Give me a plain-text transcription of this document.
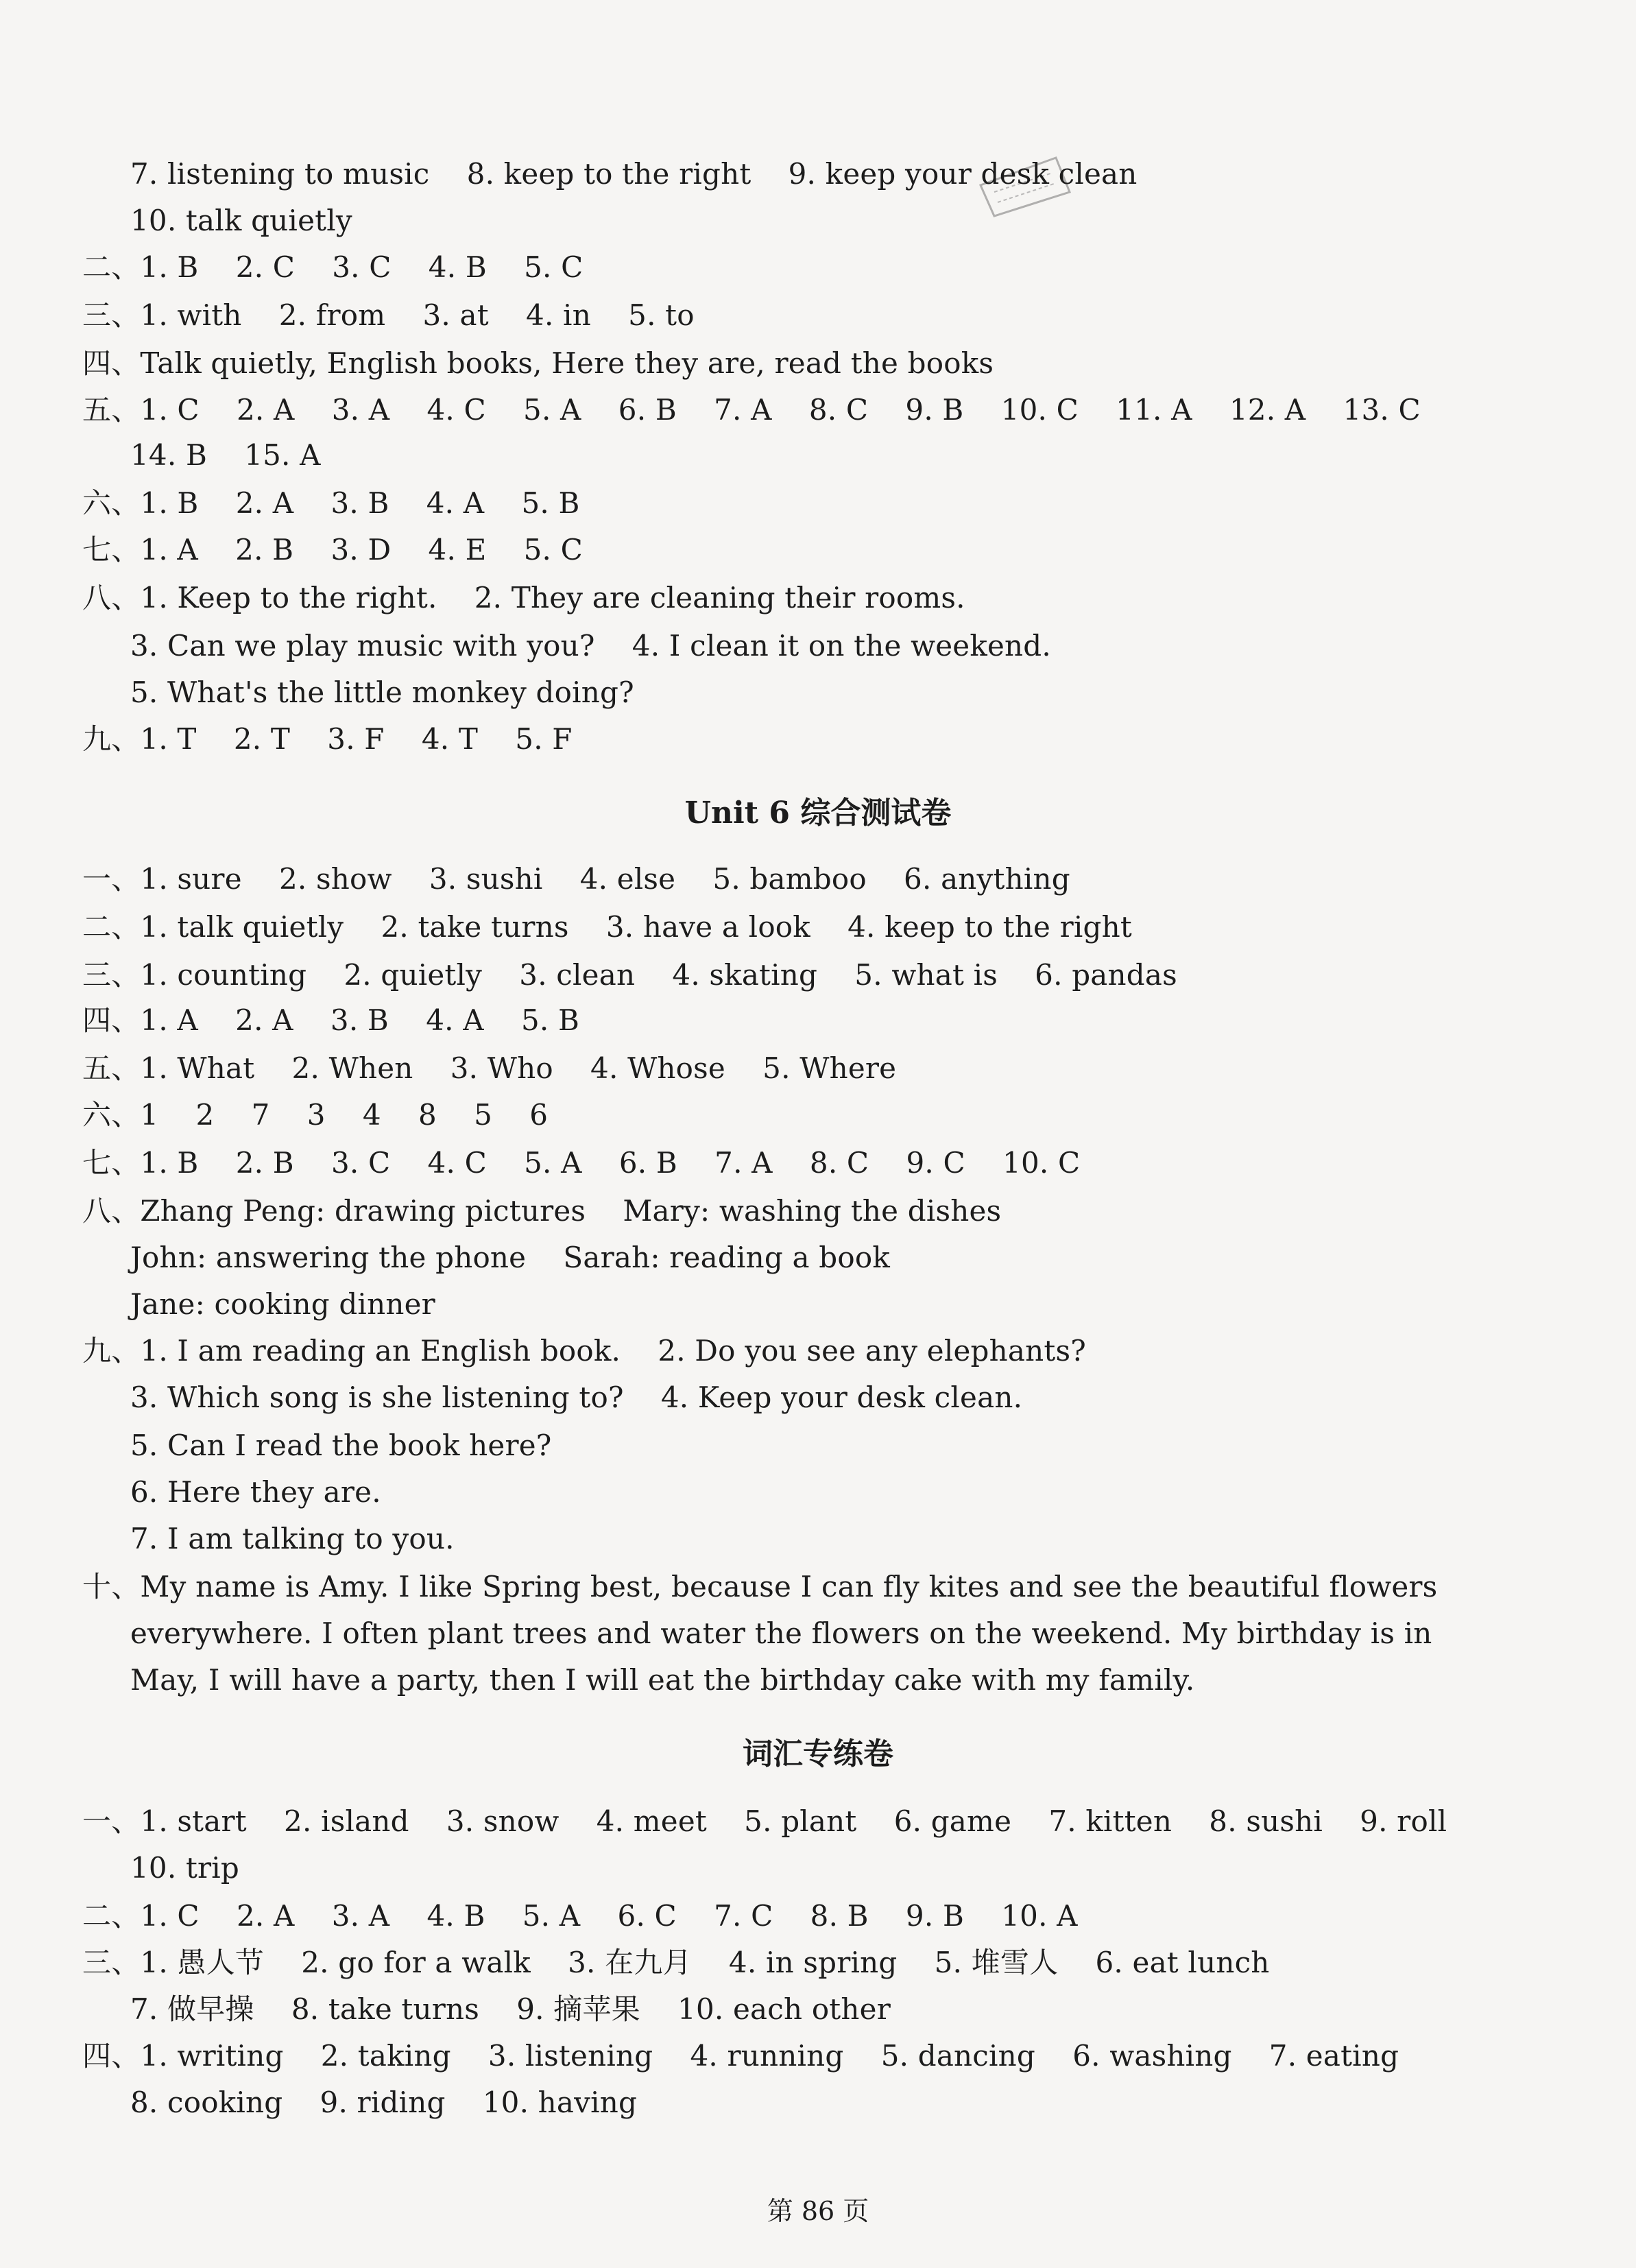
7. listening to music    8. keep to the right    9. keep your desk clean
10. talk quietly
二、1. B    2. C    3. C    4. B    5. C
三、1. with    2. from    3. at    4. in    5. to
四、Talk quietly, English books, Here they are, read the books
五、1. C    2. A    3. A    4. C    5. A    6. B    7. A    8. C    9. B    10. C    11. A    12. A    13. C
14. B    15. A
六、1. B    2. A    3. B    4. A    5. B
七、1. A    2. B    3. D    4. E    5. C
八、1. Keep to the right.    2. They are cleaning their rooms.
3. Can we play music with you?    4. I clean it on the weekend.
5. What's the little monkey doing?
九、1. T    2. T    3. F    4. T    5. F
Unit 6 综合测试卷
一、1. sure    2. show    3. sushi    4. else    5. bamboo    6. anything
二、1. talk quietly    2. take turns    3. have a look    4. keep to the right
三、1. counting    2. quietly    3. clean    4. skating    5. what is    6. pandas
四、1. A    2. A    3. B    4. A    5. B
五、1. What    2. When    3. Who    4. Whose    5. Where
六、1    2    7    3    4    8    5    6
七、1. B    2. B    3. C    4. C    5. A    6. B    7. A    8. C    9. C    10. C
八、Zhang Peng: drawing pictures    Mary: washing the dishes
John: answering the phone    Sarah: reading a book
Jane: cooking dinner
九、1. I am reading an English book.    2. Do you see any elephants?
3. Which song is she listening to?    4. Keep your desk clean.
5. Can I read the book here?
6. Here they are.
7. I am talking to you.
十、My name is Amy. I like Spring best, because I can fly kites and see the beautiful flowers
everywhere. I often plant trees and water the flowers on the weekend. My birthday is in
May, I will have a party, then I will eat the birthday cake with my family.
词汇专练卷
一、1. start    2. island    3. snow    4. meet    5. plant    6. game    7. kitten    8. sushi    9. roll
10. trip
二、1. C    2. A    3. A    4. B    5. A    6. C    7. C    8. B    9. B    10. A
三、1. 愚人节    2. go for a walk    3. 在九月    4. in spring    5. 堆雪人    6. eat lunch
7. 做早操    8. take turns    9. 摘苹果    10. each other
四、1. writing    2. taking    3. listening    4. running    5. dancing    6. washing    7. eating
8. cooking    9. riding    10. having
第 86 页
